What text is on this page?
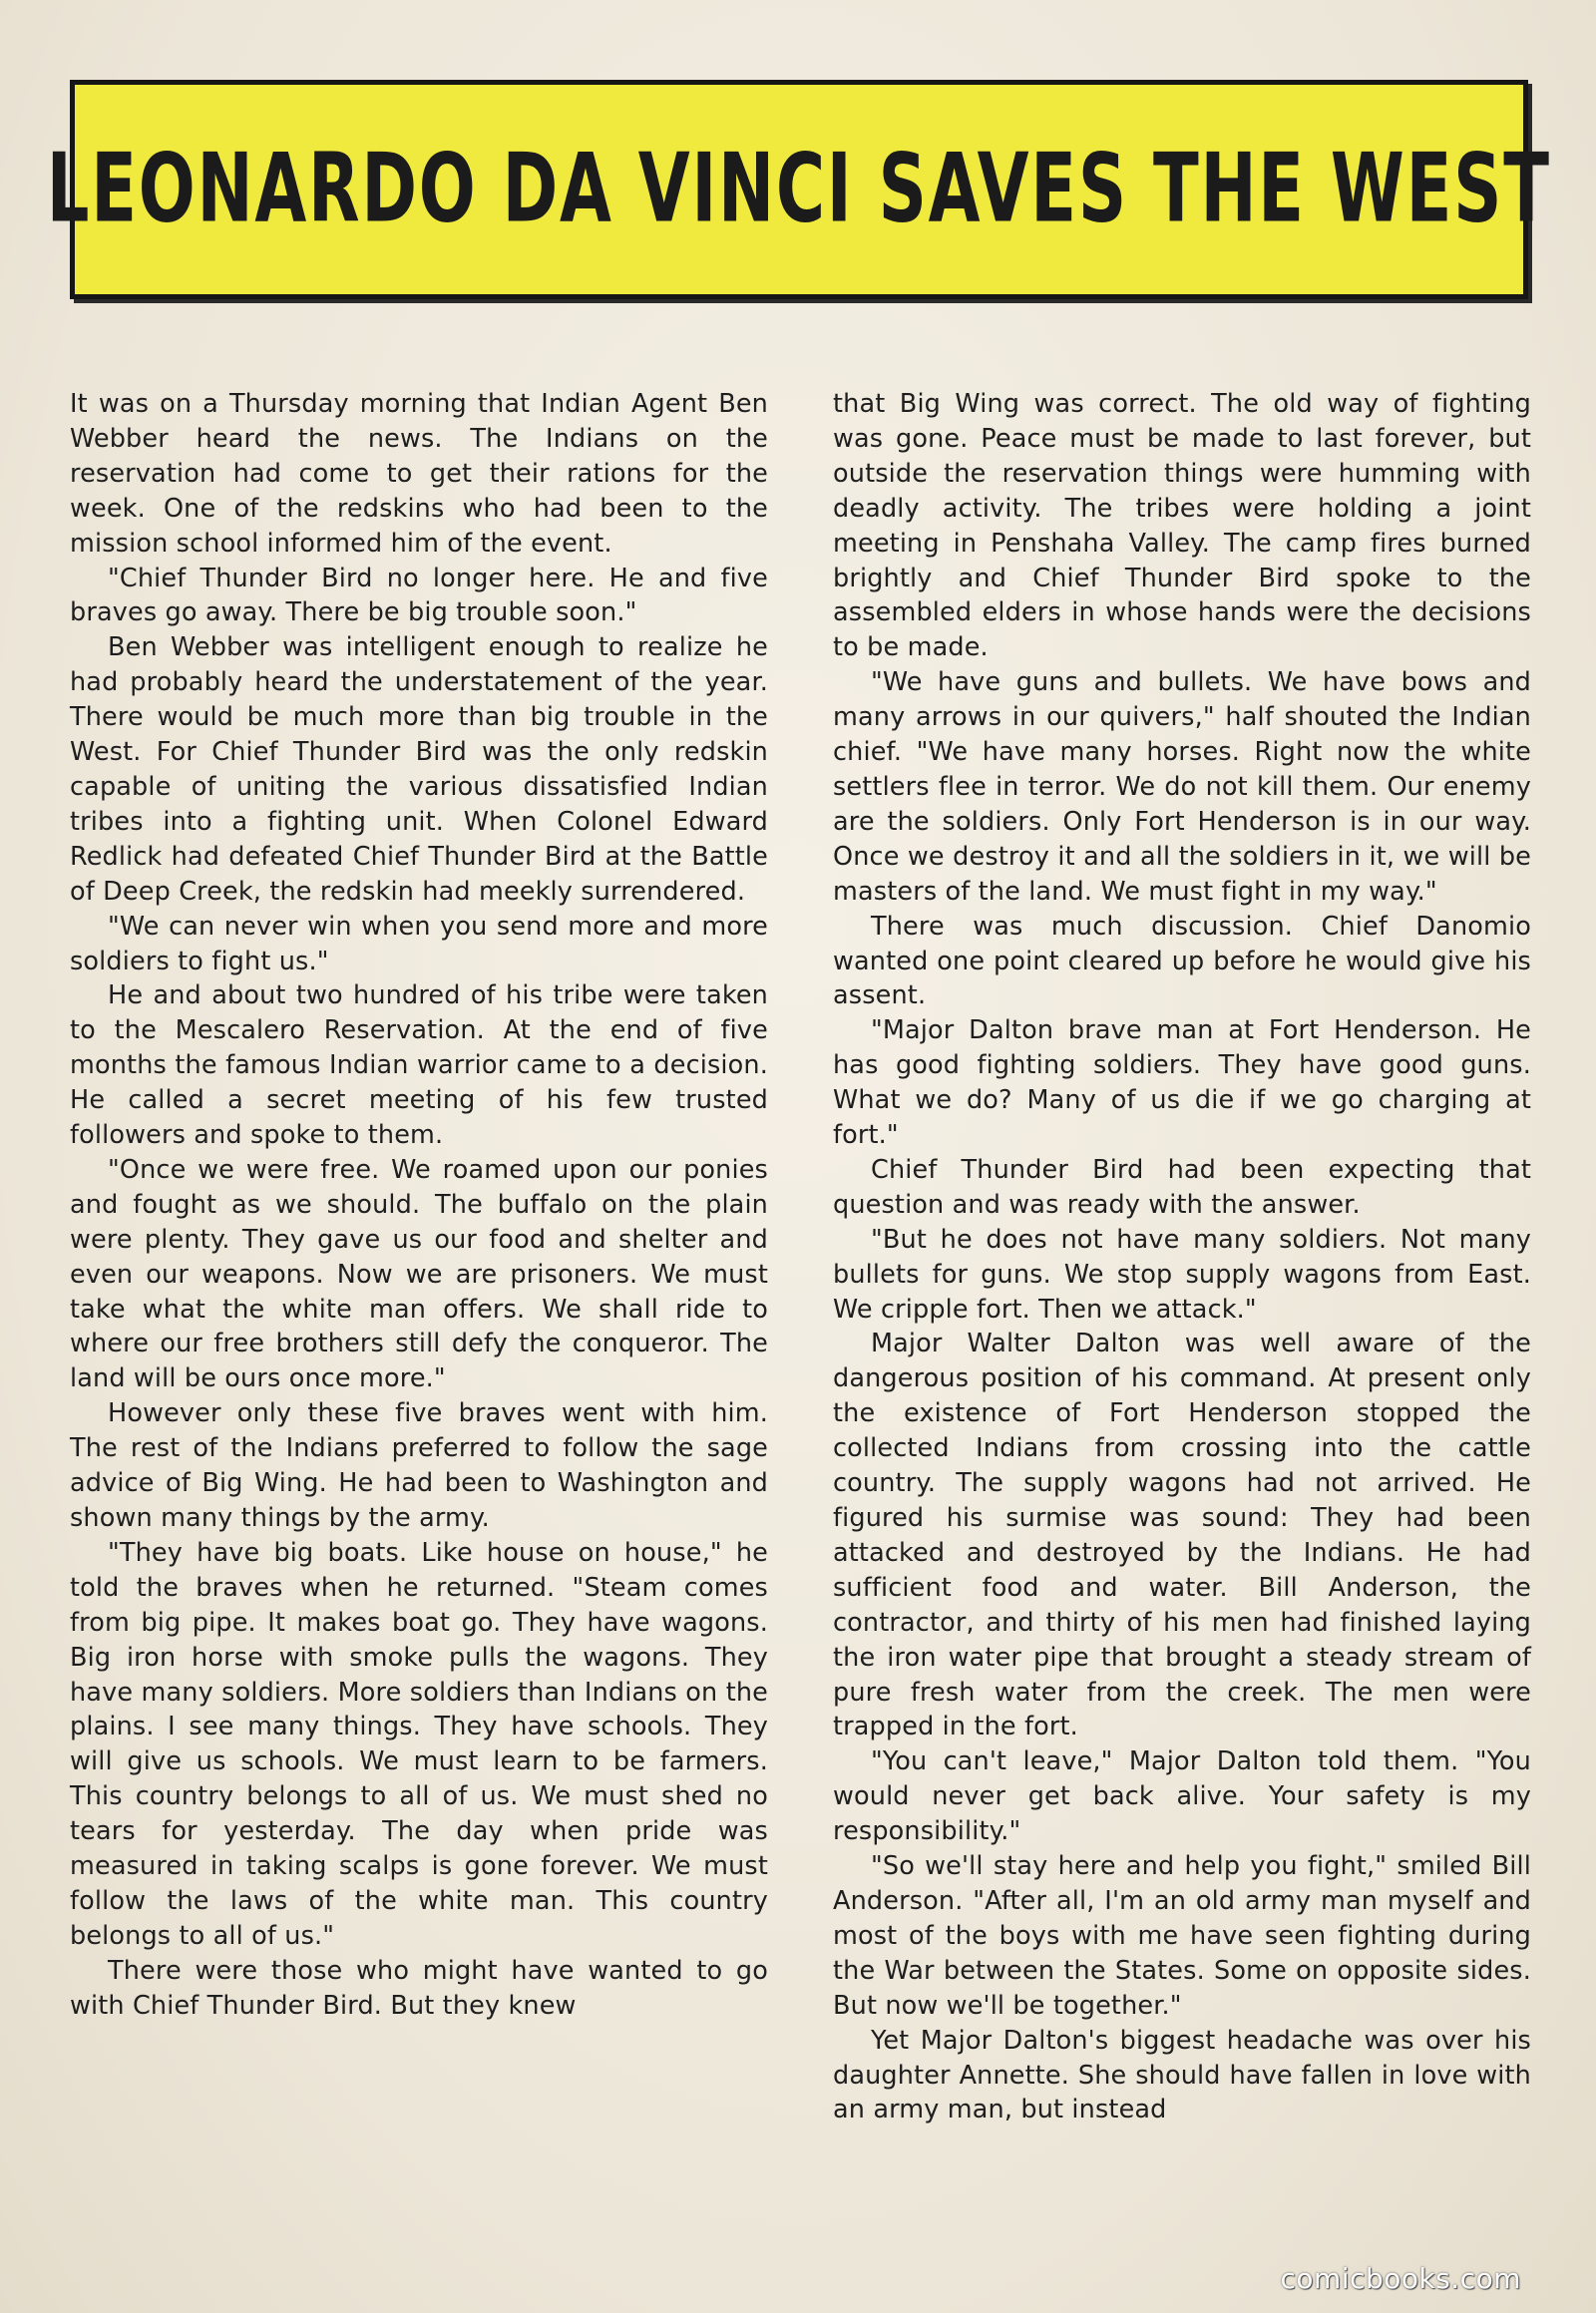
LEONARDO DA VINCI SAVES THE WEST

It was on a Thursday morning that Indian Agent Ben Webber heard the news. The Indians on the reservation had come to get their rations for the week. One of the redskins who had been to the mission school informed him of the event.

"Chief Thunder Bird no longer here. He and five braves go away. There be big trouble soon."

Ben Webber was intelligent enough to realize he had probably heard the understatement of the year. There would be much more than big trouble in the West. For Chief Thunder Bird was the only redskin capable of uniting the various dissatisfied Indian tribes into a fighting unit. When Colonel Edward Redlick had defeated Chief Thunder Bird at the Battle of Deep Creek, the redskin had meekly surrendered.

"We can never win when you send more and more soldiers to fight us."

He and about two hundred of his tribe were taken to the Mescalero Reservation. At the end of five months the famous Indian warrior came to a decision. He called a secret meeting of his few trusted followers and spoke to them.

"Once we were free. We roamed upon our ponies and fought as we should. The buffalo on the plain were plenty. They gave us our food and shelter and even our weapons. Now we are prisoners. We must take what the white man offers. We shall ride to where our free brothers still defy the conqueror. The land will be ours once more."

However only these five braves went with him. The rest of the Indians preferred to follow the sage advice of Big Wing. He had been to Washington and shown many things by the army.

"They have big boats. Like house on house," he told the braves when he returned. "Steam comes from big pipe. It makes boat go. They have wagons. Big iron horse with smoke pulls the wagons. They have many soldiers. More soldiers than Indians on the plains. I see many things. They have schools. They will give us schools. We must learn to be farmers. This country belongs to all of us. We must shed no tears for yesterday. The day when pride was measured in taking scalps is gone forever. We must follow the laws of the white man. This country belongs to all of us."

There were those who might have wanted to go with Chief Thunder Bird. But they knew

that Big Wing was correct. The old way of fighting was gone. Peace must be made to last forever, but outside the reservation things were humming with deadly activity. The tribes were holding a joint meeting in Penshaha Valley. The camp fires burned brightly and Chief Thunder Bird spoke to the assembled elders in whose hands were the decisions to be made.

"We have guns and bullets. We have bows and many arrows in our quivers," half shouted the Indian chief. "We have many horses. Right now the white settlers flee in terror. We do not kill them. Our enemy are the soldiers. Only Fort Henderson is in our way. Once we destroy it and all the soldiers in it, we will be masters of the land. We must fight in my way."

There was much discussion. Chief Danomio wanted one point cleared up before he would give his assent.

"Major Dalton brave man at Fort Henderson. He has good fighting soldiers. They have good guns. What we do? Many of us die if we go charging at fort."

Chief Thunder Bird had been expecting that question and was ready with the answer.

"But he does not have many soldiers. Not many bullets for guns. We stop supply wagons from East. We cripple fort. Then we attack."

Major Walter Dalton was well aware of the dangerous position of his command. At present only the existence of Fort Henderson stopped the collected Indians from crossing into the cattle country. The supply wagons had not arrived. He figured his surmise was sound: They had been attacked and destroyed by the Indians. He had sufficient food and water. Bill Anderson, the contractor, and thirty of his men had finished laying the iron water pipe that brought a steady stream of pure fresh water from the creek. The men were trapped in the fort.

"You can't leave," Major Dalton told them. "You would never get back alive. Your safety is my responsibility."

"So we'll stay here and help you fight," smiled Bill Anderson. "After all, I'm an old army man myself and most of the boys with me have seen fighting during the War between the States. Some on opposite sides. But now we'll be together."

Yet Major Dalton's biggest headache was over his daughter Annette. She should have fallen in love with an army man, but instead

comicbooks.com
